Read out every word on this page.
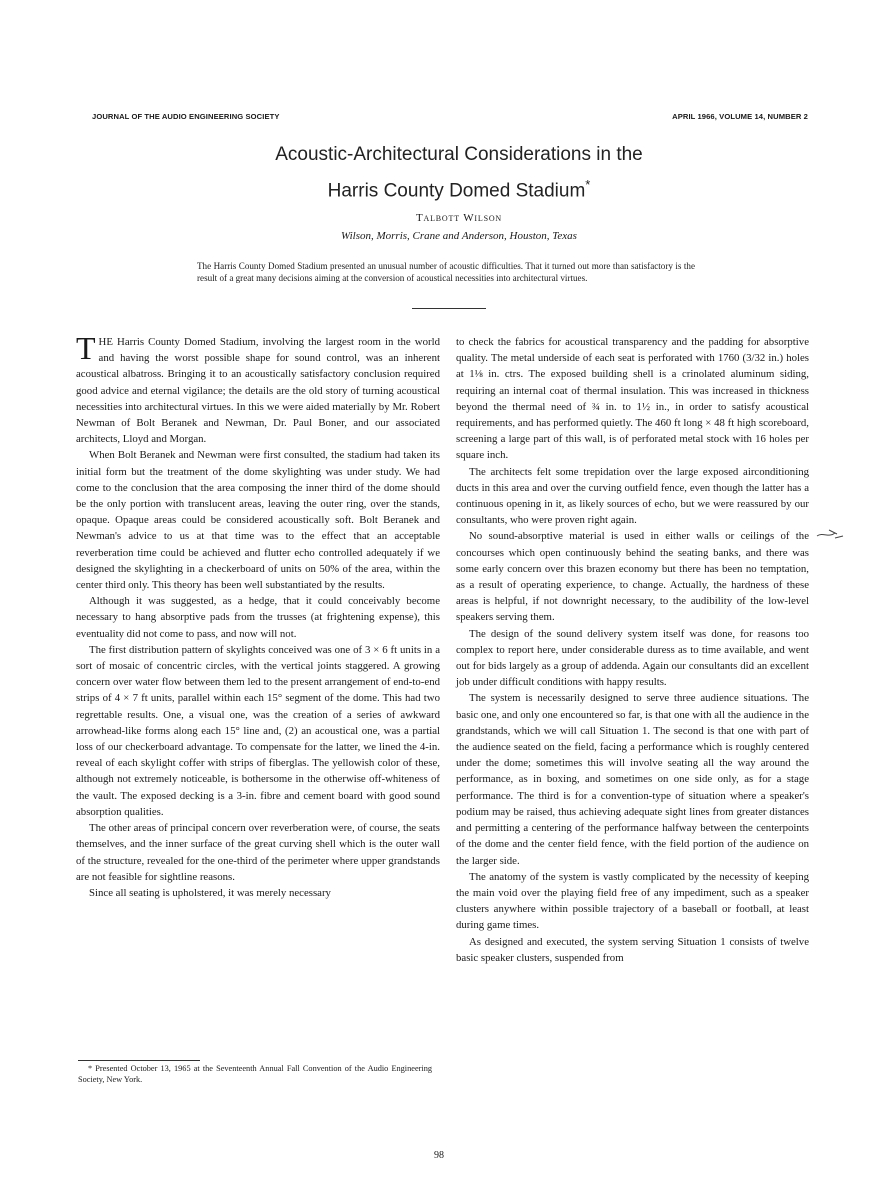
JOURNAL OF THE AUDIO ENGINEERING SOCIETY	APRIL 1966, VOLUME 14, NUMBER 2
Acoustic-Architectural Considerations in the
Harris County Domed Stadium*
Talbott Wilson
Wilson, Morris, Crane and Anderson, Houston, Texas
The Harris County Domed Stadium presented an unusual number of acoustic difficulties. That it turned out more than satisfactory is the result of a great many decisions aiming at the conversion of acoustical necessities into architectural virtues.

THE Harris County Domed Stadium, involving the largest room in the world and having the worst possible shape for sound control, was an inherent acoustical albatross. Bringing it to an acoustically satisfactory conclusion required good advice and eternal vigilance; the details are the old story of turning acoustical necessities into architectural virtues. In this we were aided materially by Mr. Robert Newman of Bolt Beranek and Newman, Dr. Paul Boner, and our associated architects, Lloyd and Morgan.

When Bolt Beranek and Newman were first consulted, the stadium had taken its initial form but the treatment of the dome skylighting was under study. We had come to the conclusion that the area composing the inner third of the dome should be the only portion with translucent areas, leaving the outer ring, over the stands, opaque. Opaque areas could be considered acoustically soft. Bolt Beranek and Newman's advice to us at that time was to the effect that an acceptable reverberation time could be achieved and flutter echo controlled adequately if we designed the skylighting in a checkerboard of units on 50% of the area, within the center third only. This theory has been well substantiated by the results.

Although it was suggested, as a hedge, that it could conceivably become necessary to hang absorptive pads from the trusses (at frightening expense), this eventuality did not come to pass, and now will not.

The first distribution pattern of skylights conceived was one of 3 × 6 ft units in a sort of mosaic of concentric circles, with the vertical joints staggered. A growing concern over water flow between them led to the present arrangement of end-to-end strips of 4 × 7 ft units, parallel within each 15° segment of the dome. This had two regrettable results. One, a visual one, was the creation of a series of awkward arrowhead-like forms along each 15° line and, (2) an acoustical one, was a partial loss of our checkerboard advantage. To compensate for the latter, we lined the 4-in. reveal of each skylight coffer with strips of fiberglas. The yellowish color of these, although not extremely noticeable, is bothersome in the otherwise off-whiteness of the vault. The exposed decking is a 3-in. fibre and cement board with good sound absorption qualities.

The other areas of principal concern over reverberation were, of course, the seats themselves, and the inner surface of the great curving shell which is the outer wall of the structure, revealed for the one-third of the perimeter where upper grandstands are not feasible for sightline reasons.

Since all seating is upholstered, it was merely necessary

to check the fabrics for acoustical transparency and the padding for absorptive quality. The metal underside of each seat is perforated with 1760 (3/32 in.) holes at 1⅛ in. ctrs. The exposed building shell is a crinolated aluminum siding, requiring an internal coat of thermal insulation. This was increased in thickness beyond the thermal need of ¾ in. to 1½ in., in order to satisfy acoustical requirements, and has performed quietly. The 460 ft long × 48 ft high scoreboard, screening a large part of this wall, is of perforated metal stock with 16 holes per square inch.

The architects felt some trepidation over the large exposed airconditioning ducts in this area and over the curving outfield fence, even though the latter has a continuous opening in it, as likely sources of echo, but we were reassured by our consultants, who were proven right again.

No sound-absorptive material is used in either walls or ceilings of the concourses which open continuously behind the seating banks, and there was some early concern over this brazen economy but there has been no temptation, as a result of operating experience, to change. Actually, the hardness of these areas is helpful, if not downright necessary, to the audibility of the low-level speakers serving them.

The design of the sound delivery system itself was done, for reasons too complex to report here, under considerable duress as to time available, and went out for bids largely as a group of addenda. Again our consultants did an excellent job under difficult conditions with happy results.

The system is necessarily designed to serve three audience situations. The basic one, and only one encountered so far, is that one with all the audience in the grandstands, which we will call Situation 1. The second is that one with part of the audience seated on the field, facing a performance which is roughly centered under the dome; sometimes this will involve seating all the way around the performance, as in boxing, and sometimes on one side only, as for a stage performance. The third is for a convention-type of situation where a speaker's podium may be raised, thus achieving adequate sight lines from greater distances and permitting a centering of the performance halfway between the centerpoints of the dome and the center field fence, with the field portion of the audience on the larger side.

The anatomy of the system is vastly complicated by the necessity of keeping the main void over the playing field free of any impediment, such as a speaker clusters anywhere within possible trajectory of a baseball or football, at least during game times.

As designed and executed, the system serving Situation 1 consists of twelve basic speaker clusters, suspended from

* Presented October 13, 1965 at the Seventeenth Annual Fall Convention of the Audio Engineering Society, New York.
98
